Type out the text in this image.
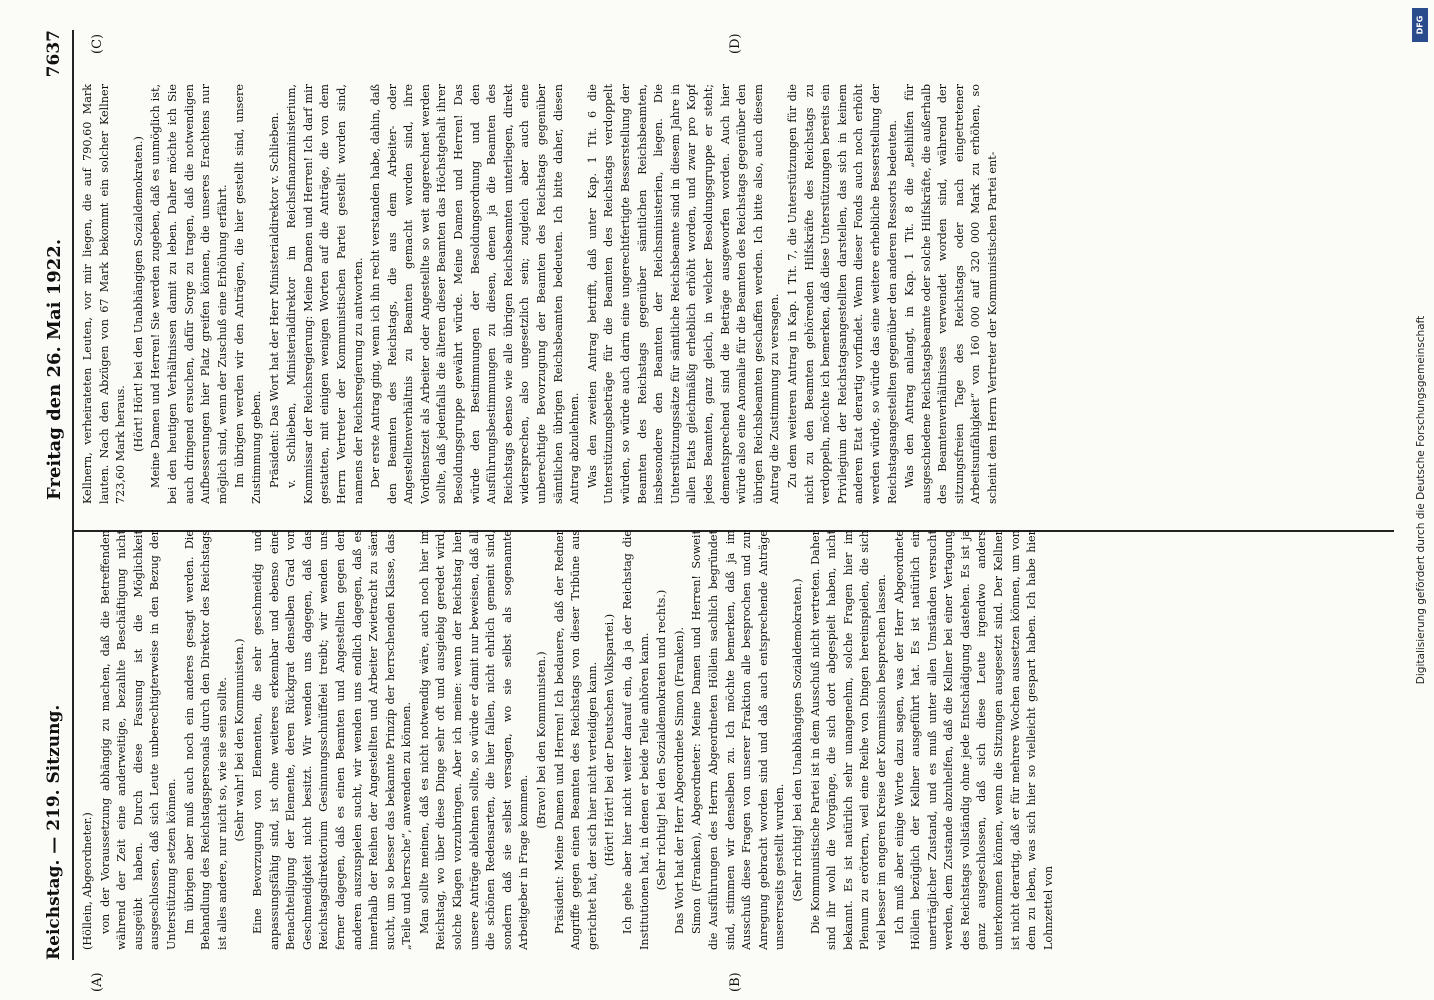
Reichstag. — 219. Sitzung.
Freitag den 26. Mai 1922.
7637
(A)	(B)
(C)	(D)

(Höllein, Abgeordneter.) von der Voraussetzung abhängig zu machen, daß die Betreffenden während der Zeit eine anderweitige, bezahlte Beschäftigung nicht ausgeübt haben. Durch diese Fassung ist die Möglichkeit ausgeschlossen, daß sich Leute unberechtigterweise in den Bezug der Unterstützung setzen können. Im übrigen aber muß auch noch ein anderes gesagt werden. Die Behandlung des Reichstagspersonals durch den Direktor des Reichstags ist alles andere, nur nicht so, wie sie sein sollte. (Sehr wahr! bei den Kommunisten.) Eine Bevorzugung von Elementen, die sehr geschmeidig und anpassungsfähig sind, ist ohne weiteres erkennbar und ebenso eine Benachteiligung der Elemente, deren Rückgrat denselben Grad von Geschmeidigkeit nicht besitzt. Wir wenden uns dagegen, daß das Reichstagsdirektorium Gesinnungsschnüffelei treibt; wir wenden uns ferner dagegen, daß es einen Beamten und Angestellten gegen den anderen auszuspielen sucht, wir wenden uns endlich dagegen, daß es innerhalb der Reihen der Angestellten und Arbeiter Zwietracht zu säen sucht, um so besser das bekannte Prinzip der herrschenden Klasse, das: „Teile und herrsche“, anwenden zu können. Man sollte meinen, daß es nicht notwendig wäre, auch noch hier im Reichstag, wo über diese Dinge sehr oft und ausgiebig geredet wird, solche Klagen vorzubringen. Aber ich meine: wenn der Reichstag hier unsere Anträge ablehnen sollte, so würde er damit nur beweisen, daß all die schönen Redensarten, die hier fallen, nicht ehrlich gemeint sind, sondern daß sie selbst versagen, wo sie selbst als sogenannte Arbeitgeber in Frage kommen.

(Bravo! bei den Kommunisten.) Präsident: Meine Damen und Herren! Ich bedauere, daß der Redner Angriffe gegen einen Beamten des Reichstags von dieser Tribüne aus gerichtet hat, der sich hier nicht verteidigen kann. (Hört! Hört! bei der Deutschen Volkspartei.) Ich gehe aber hier nicht weiter darauf ein, da ja der Reichstag die Institutionen hat, in denen er beide Teile anhören kann. (Sehr richtig! bei den Sozialdemokraten und rechts.) Das Wort hat der Herr Abgeordnete Simon (Franken). Simon (Franken), Abgeordneter: Meine Damen und Herren! Soweit die Ausführungen des Herrn Abgeordneten Höllein sachlich begründet sind, stimmen wir denselben zu. Ich möchte bemerken, daß ja im Ausschuß diese Fragen von unserer Fraktion alle besprochen und zur Anregung gebracht worden sind und daß auch entsprechende Anträge unsererseits gestellt wurden. (Sehr richtig! bei den Unabhängigen Sozialdemokraten.) Die Kommunistische Partei ist in dem Ausschuß nicht vertreten. Daher sind ihr wohl die Vorgänge, die sich dort abgespielt haben, nicht bekannt. Es ist natürlich sehr unangenehm, solche Fragen hier im Plenum zu erörtern, weil eine Reihe von Dingen hereinspielen, die sich viel besser im engeren Kreise der Kommission besprechen lassen. Ich muß aber einige Worte dazu sagen, was der Herr Abgeordnete Höllein bezüglich der Kellner ausgeführt hat. Es ist natürlich ein unerträglicher Zustand, und es muß unter allen Umständen versucht werden, dem Zustande abzuhelfen, daß die Kellner bei einer Vertagung des Reichstags vollständig ohne jede Entschädigung dastehen. Es ist ja ganz ausgeschlossen, daß sich diese Leute irgendwo anders unterkommen können, wenn die Sitzungen ausgesetzt sind. Der Kellner ist nicht derartig, daß er für mehrere Wochen aussetzen können, um von dem zu leben, was sich hier so vielleicht gespart haben. Ich habe hier Lohnzettel von

Kellnern, verheirateten Leuten, vor mir liegen, die auf 790,60 Mark lauten. Nach den Abzügen von 67 Mark bekommt ein solcher Kellner 723,60 Mark heraus. (Hört! Hört! bei den Unabhängigen Sozialdemokraten.) Meine Damen und Herren! Sie werden zugeben, daß es unmöglich ist, bei den heutigen Verhältnissen damit zu leben. Daher möchte ich Sie auch dringend ersuchen, dafür Sorge zu tragen, daß die notwendigen Aufbesserungen hier Platz greifen können, die unseres Erachtens nur möglich sind, wenn der Zuschuß eine Erhöhung erfährt. Im übrigen werden wir den Anträgen, die hier gestellt sind, unsere Zustimmung geben. Präsident: Das Wort hat der Herr Ministerialdirektor v. Schlieben. v. Schlieben, Ministerialdirektor im Reichsfinanzministerium, Kommissar der Reichsregierung: Meine Damen und Herren! Ich darf mir gestatten, mit einigen wenigen Worten auf die Anträge, die von dem Herrn Vertreter der Kommunistischen Partei gestellt worden sind, namens der Reichsregierung zu antworten. Der erste Antrag ging, wenn ich ihn recht verstanden habe, dahin, daß den Beamten des Reichstags, die aus dem Arbeiter- oder Angestelltenverhältnis zu Beamten gemacht worden sind, ihre Vordienstzeit als Arbeiter oder Angestellte so weit angerechnet werden sollte, daß jedenfalls die älteren dieser Beamten das Höchstgehalt ihrer Besoldungsgruppe gewährt würde. Meine Damen und Herren! Das würde den Bestimmungen der Besoldungsordnung und den Ausführungsbestimmungen zu diesen, denen ja die Beamten des Reichstags ebenso wie alle übrigen Reichsbeamten unterliegen, direkt widersprechen, also ungesetzlich sein; zugleich aber auch eine unberechtigte Bevorzugung der Beamten des Reichstags gegenüber sämtlichen übrigen Reichsbeamten bedeuten. Ich bitte daher, diesen Antrag abzulehnen. Was den zweiten Antrag betrifft, daß unter Kap. 1 Tit. 6 die Unterstützungsbeträge für die Beamten des Reichstags verdoppelt würden, so würde auch darin eine ungerechtfertigte Besserstellung der Beamten des Reichstags gegenüber sämtlichen Reichsbeamten, insbesondere den Beamten der Reichsministerien, liegen. Die Unterstützungssätze für sämtliche Reichsbeamte sind in diesem Jahre in allen Etats gleichmäßig erheblich erhöht worden, und zwar pro Kopf jedes Beamten, ganz gleich, in welcher Besoldungsgruppe er steht; dementsprechend sind die Beträge ausgeworfen worden. Auch hier würde also eine Anomalie für die Beamten des Reichstags gegenüber den übrigen Reichsbeamten geschaffen werden. Ich bitte also, auch diesem Antrag die Zustimmung zu versagen. Zu dem weiteren Antrag in Kap. 1 Tit. 7, die Unterstützungen für die nicht zu den Beamten gehörenden Hilfskräfte des Reichstags zu verdoppeln, möchte ich bemerken, daß diese Unterstützungen bereits ein Privilegium der Reichstagsangestellten darstellen, das sich in keinem anderen Etat derartig vorfindet. Wenn dieser Fonds auch noch erhöht werden würde, so würde das eine weitere erhebliche Besserstellung der Reichstagsangestellten gegenüber den anderen Ressorts bedeuten. Was den Antrag anlangt, in Kap. 1 Tit. 8 die „Beihilfen für ausgeschiedene Reichstagsbeamte oder solche Hilfskräfte, die außerhalb des Beamtenverhältnisses verwendet worden sind, während der sitzungsfreien Tage des Reichstags oder nach eingetretener Arbeitsunfähigkeit“ von 160 000 auf 320 000 Mark zu erhöhen, so scheint dem Herrn Vertreter der Kommunistischen Partei ent-

DFG
Digitalisierung gefördert durch die Deutsche Forschungsgemeinschaft
